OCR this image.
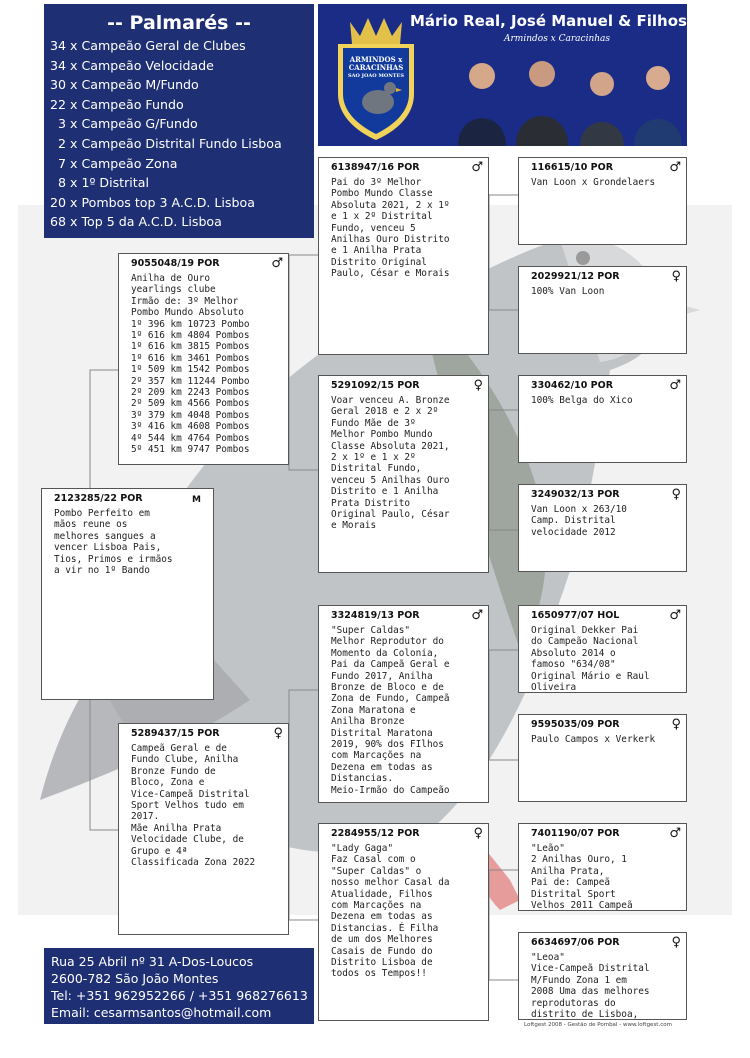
-- Palmarés --
34 x Campeão Geral de Clubes
34 x Campeão Velocidade
30 x Campeão M/Fundo
22 x Campeão Fundo
3 x Campeão G/Fundo
2 x Campeão Distrital Fundo Lisboa
7 x Campeão Zona
8 x 1º Distrital
20 x Pombos top 3 A.C.D. Lisboa
68 x Top 5 da A.C.D. Lisboa
ARMINDOS x
CARACINHAS
SAO JOAO MONTES
Mário Real, José Manuel & Filhos
Armindos x Caracinhas
2123285/22 POR	M
Pombo Perfeito em
mãos reune os
melhores sangues a
vencer Lisboa Pais,
Tios, Primos e irmãos
a vir no 1º Bando
9055048/19 POR	♂
Anilha de Ouro
yearlings clube
Irmão de: 3º Melhor
Pombo Mundo Absoluto
1º 396 km 10723 Pombo
1º 616 km 4804 Pombos
1º 616 km 3815 Pombos
1º 616 km 3461 Pombos
1º 509 km 1542 Pombos
2º 357 km 11244 Pombo
2º 209 km 2243 Pombos
2º 509 km 4566 Pombos
3º 379 km 4048 Pombos
3º 416 km 4608 Pombos
4º 544 km 4764 Pombos
5º 451 km 9747 Pombos
5289437/15 POR	♀
Campeã Geral e de
Fundo Clube, Anilha
Bronze Fundo de
Bloco, Zona e
Vice-Campeã Distrital
Sport Velhos tudo em
2017.
Mãe Anilha Prata
Velocidade Clube, de
Grupo e 4ª
Classificada Zona 2022
6138947/16 POR	♂
Pai do 3º Melhor
Pombo Mundo Classe
Absoluta 2021, 2 x 1º
e 1 x 2º Distrital
Fundo, venceu 5
Anilhas Ouro Distrito
e 1 Anilha Prata
Distrito Original
Paulo, César e Morais
5291092/15 POR	♀
Voar venceu A. Bronze
Geral 2018 e 2 x 2º
Fundo Mãe de 3º
Melhor Pombo Mundo
Classe Absoluta 2021,
2 x 1º e 1 x 2º
Distrital Fundo,
venceu 5 Anilhas Ouro
Distrito e 1 Anilha
Prata Distrito
Original Paulo, César
e Morais
3324819/13 POR	♂
"Super Caldas"
Melhor Reprodutor do
Momento da Colonia,
Pai da Campeã Geral e
Fundo 2017, Anilha
Bronze de Bloco e de
Zona de Fundo, Campeã
Zona Maratona e
Anilha Bronze
Distrital Maratona
2019, 90% dos FIlhos
com Marcações na
Dezena em todas as
Distancias.
Meio-Irmão do Campeão
2284955/12 POR	♀
"Lady Gaga"
Faz Casal com o
"Super Caldas" o
nosso melhor Casal da
Atualidade, Filhos
com Marcações na
Dezena em todas as
Distancias. É Filha
de um dos Melhores
Casais de Fundo do
Distrito Lisboa de
todos os Tempos!!
116615/10 POR	♂
Van Loon x Grondelaers
2029921/12 POR	♀
100% Van Loon
330462/10 POR	♂
100% Belga do Xico
3249032/13 POR	♀
Van Loon x 263/10
Camp. Distrital
velocidade 2012
1650977/07 HOL	♂
Original Dekker Pai
do Campeão Nacional
Absoluto 2014 o
famoso "634/08"
Original Mário e Raul
Oliveira
9595035/09 POR	♀
Paulo Campos x Verkerk
7401190/07 POR	♂
"Leão"
2 Anilhas Ouro, 1
Anilha Prata,
Pai de: Campeã
Distrital Sport
Velhos 2011 Campeã
6634697/06 POR	♀
"Leoa"
Vice-Campeã Distrital
M/Fundo Zona 1 em
2008 Uma das melhores
reprodutoras do
distrito de Lisboa,

Rua 25 Abril nº 31 A-Dos-Loucos

2600-782 São João Montes

Tel: +351 962952266 / +351 968276613

Email: cesarmsantos@hotmail.com

Loftgest 2008 - Gestão de Pombal - www.loftgest.com
